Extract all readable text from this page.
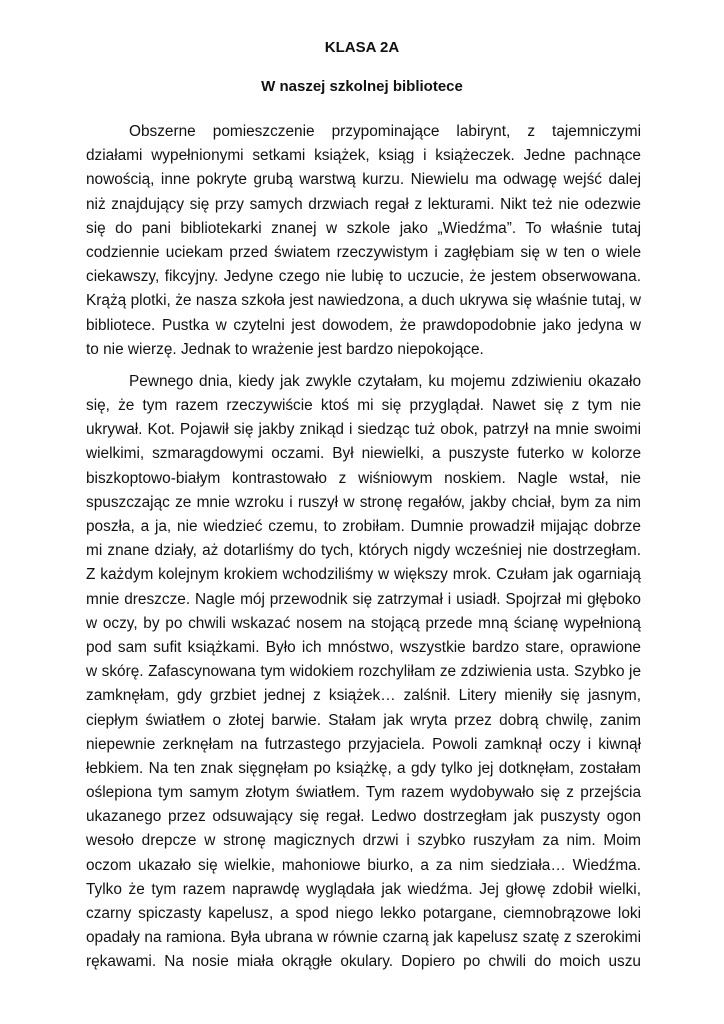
KLASA 2A
W naszej szkolnej bibliotece
Obszerne pomieszczenie przypominające labirynt, z tajemniczymi
działami wypełnionymi setkami książek, ksiąg i książeczek. Jedne pachnące
nowością, inne pokryte grubą warstwą kurzu. Niewielu ma odwagę wejść dalej
niż znajdujący się przy samych drzwiach regał z lekturami. Nikt też nie odezwie
się do pani bibliotekarki znanej w szkole jako „Wiedźma”. To właśnie tutaj
codziennie uciekam przed światem rzeczywistym i zagłębiam się w ten o wiele
ciekawszy, fikcyjny. Jedyne czego nie lubię to uczucie, że jestem obserwowana.
Krążą plotki, że nasza szkoła jest nawiedzona, a duch ukrywa się właśnie tutaj, w
bibliotece. Pustka w czytelni jest dowodem, że prawdopodobnie jako jedyna w
to nie wierzę. Jednak to wrażenie jest bardzo niepokojące.
Pewnego dnia, kiedy jak zwykle czytałam, ku mojemu zdziwieniu okazało
się, że tym razem rzeczywiście ktoś mi się przyglądał. Nawet się z tym nie
ukrywał. Kot. Pojawił się jakby znikąd i siedząc tuż obok, patrzył na mnie swoimi
wielkimi, szmaragdowymi oczami. Był niewielki, a puszyste futerko w kolorze
biszkoptowo-białym kontrastowało z wiśniowym noskiem. Nagle wstał, nie
spuszczając ze mnie wzroku i ruszył w stronę regałów, jakby chciał, bym za nim
poszła, a ja, nie wiedzieć czemu, to zrobiłam. Dumnie prowadził mijając dobrze
mi znane działy, aż dotarliśmy do tych, których nigdy wcześniej nie dostrzegłam.
Z każdym kolejnym krokiem wchodziliśmy w większy mrok. Czułam jak ogarniają
mnie dreszcze. Nagle mój przewodnik się zatrzymał i usiadł. Spojrzał mi głęboko
w oczy, by po chwili wskazać nosem na stojącą przede mną ścianę wypełnioną
pod sam sufit książkami. Było ich mnóstwo, wszystkie bardzo stare, oprawione
w skórę. Zafascynowana tym widokiem rozchyliłam ze zdziwienia usta. Szybko je
zamknęłam, gdy grzbiet jednej z książek… zalśnił. Litery mieniły się jasnym,
ciepłym światłem o złotej barwie. Stałam jak wryta przez dobrą chwilę, zanim
niepewnie zerknęłam na futrzastego przyjaciela. Powoli zamknął oczy i kiwnął
łebkiem. Na ten znak sięgnęłam po książkę, a gdy tylko jej dotknęłam, zostałam
oślepiona tym samym złotym światłem. Tym razem wydobywało się z przejścia
ukazanego przez odsuwający się regał. Ledwo dostrzegłam jak puszysty ogon
wesoło drepcze w stronę magicznych drzwi i szybko ruszyłam za nim. Moim
oczom ukazało się wielkie, mahoniowe biurko, a za nim siedziała… Wiedźma.
Tylko że tym razem naprawdę wyglądała jak wiedźma. Jej głowę zdobił wielki,
czarny spiczasty kapelusz, a spod niego lekko potargane, ciemnobrązowe loki
opadały na ramiona. Była ubrana w równie czarną jak kapelusz szatę z szerokimi
rękawami. Na nosie miała okrągłe okulary. Dopiero po chwili do moich uszu
